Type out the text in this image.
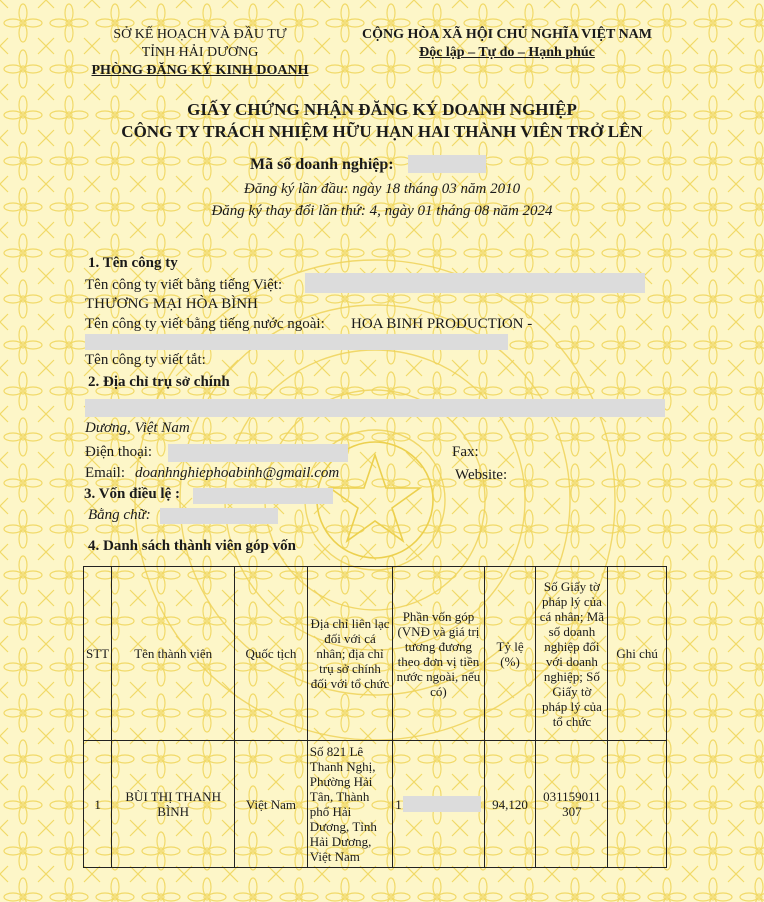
SỞ KẾ HOẠCH VÀ ĐẦU TƯ
TỈNH HẢI DƯƠNG
PHÒNG ĐĂNG KÝ KINH DOANH
CỘNG HÒA XÃ HỘI CHỦ NGHĨA VIỆT NAM
Độc lập – Tự do – Hạnh phúc
GIẤY CHỨNG NHẬN ĐĂNG KÝ DOANH NGHIỆP
CÔNG TY TRÁCH NHIỆM HỮU HẠN HAI THÀNH VIÊN TRỞ LÊN
Mã số doanh nghiệp:
Đăng ký lần đầu: ngày 18 tháng 03 năm 2010
Đăng ký thay đổi lần thứ: 4, ngày 01 tháng 08 năm 2024
1. Tên công ty
Tên công ty viết bằng tiếng Việt:
THƯƠNG MẠI HÒA BÌNH
Tên công ty viết bằng tiếng nước ngoài: HOA BINH PRODUCTION -
Tên công ty viết tắt:
2. Địa chỉ trụ sở chính
Dương, Việt Nam
Điện thoại:	Fax:
Email: doanhnghiephoabinh@gmail.com	Website:
3. Vốn điều lệ :
Bằng chữ:
4. Danh sách thành viên góp vốn
STT	Tên thành viên	Quốc tịch	Địa chỉ liên lạc đối với cá nhân; địa chỉ trụ sở chính đối với tổ chức	Phần vốn góp (VNĐ và giá trị tương đương theo đơn vị tiền nước ngoài, nếu có)	Tỷ lệ (%)	Số Giấy tờ pháp lý của cá nhân; Mã số doanh nghiệp đối với doanh nghiệp; Số Giấy tờ pháp lý của tổ chức	Ghi chú
1	BÙI THỊ THANH BÌNH	Việt Nam	Số 821 Lê Thanh Nghị, Phường Hải Tân, Thành phố Hải Dương, Tỉnh Hải Dương, Việt Nam	1	94,120	031159011 307	
